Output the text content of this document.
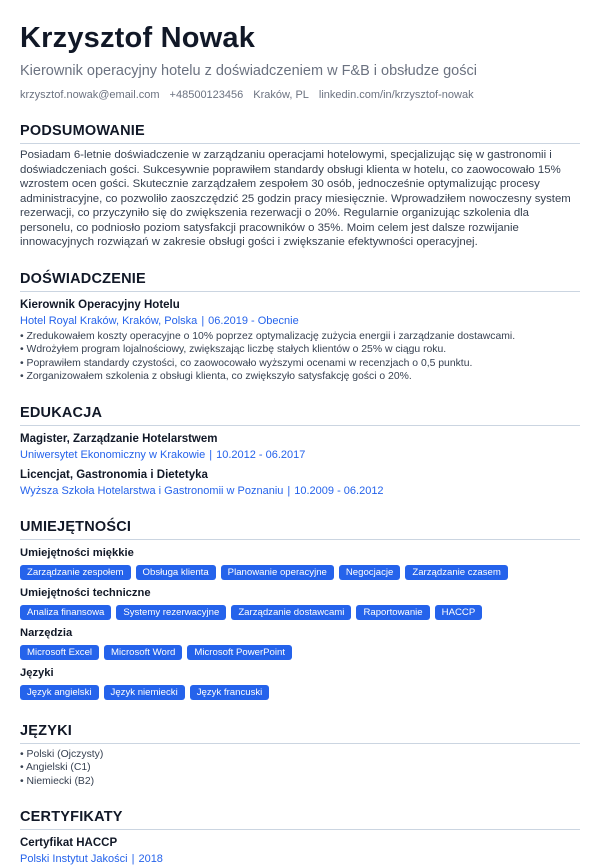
Krzysztof Nowak
Kierownik operacyjny hotelu z doświadczeniem w F&B i obsłudze gości
krzysztof.nowak@email.com +48500123456 Kraków, PL linkedin.com/in/krzysztof-nowak
PODSUMOWANIE
Posiadam 6-letnie doświadczenie w zarządzaniu operacjami hotelowymi, specjalizując się w gastronomii i doświadczeniach gości. Sukcesywnie poprawiłem standardy obsługi klienta w hotelu, co zaowocowało 15% wzrostem ocen gości. Skutecznie zarządzałem zespołem 30 osób, jednocześnie optymalizując procesy administracyjne, co pozwoliło zaoszczędzić 25 godzin pracy miesięcznie. Wprowadziłem nowoczesny system rezerwacji, co przyczyniło się do zwiększenia rezerwacji o 20%. Regularnie organizując szkolenia dla personelu, co podniosło poziom satysfakcji pracowników o 35%. Moim celem jest dalsze rozwijanie innowacyjnych rozwiązań w zakresie obsługi gości i zwiększanie efektywności operacyjnej.
DOŚWIADCZENIE
Kierownik Operacyjny Hotelu
Hotel Royal Kraków, Kraków, Polska | 06.2019 - Obecnie
• Zredukowałem koszty operacyjne o 10% poprzez optymalizację zużycia energii i zarządzanie dostawcami.
• Wdrożyłem program lojalnościowy, zwiększając liczbę stałych klientów o 25% w ciągu roku.
• Poprawiłem standardy czystości, co zaowocowało wyższymi ocenami w recenzjach o 0,5 punktu.
• Zorganizowałem szkolenia z obsługi klienta, co zwiększyło satysfakcję gości o 20%.
EDUKACJA
Magister, Zarządzanie Hotelarstwem
Uniwersytet Ekonomiczny w Krakowie | 10.2012 - 06.2017
Licencjat, Gastronomia i Dietetyka
Wyższa Szkoła Hotelarstwa i Gastronomii w Poznaniu | 10.2009 - 06.2012
UMIEJĘTNOŚCI
Umiejętności miękkie
Zarządzanie zespołem	Obsługa klienta	Planowanie operacyjne	Negocjacje	Zarządzanie czasem
Umiejętności techniczne
Analiza finansowa	Systemy rezerwacyjne	Zarządzanie dostawcami	Raportowanie	HACCP
Narzędzia
Microsoft Excel	Microsoft Word	Microsoft PowerPoint
Języki
Język angielski	Język niemiecki	Język francuski
JĘZYKI
• Polski (Ojczysty)
• Angielski (C1)
• Niemiecki (B2)
CERTYFIKATY
Certyfikat HACCP
Polski Instytut Jakości | 2018
